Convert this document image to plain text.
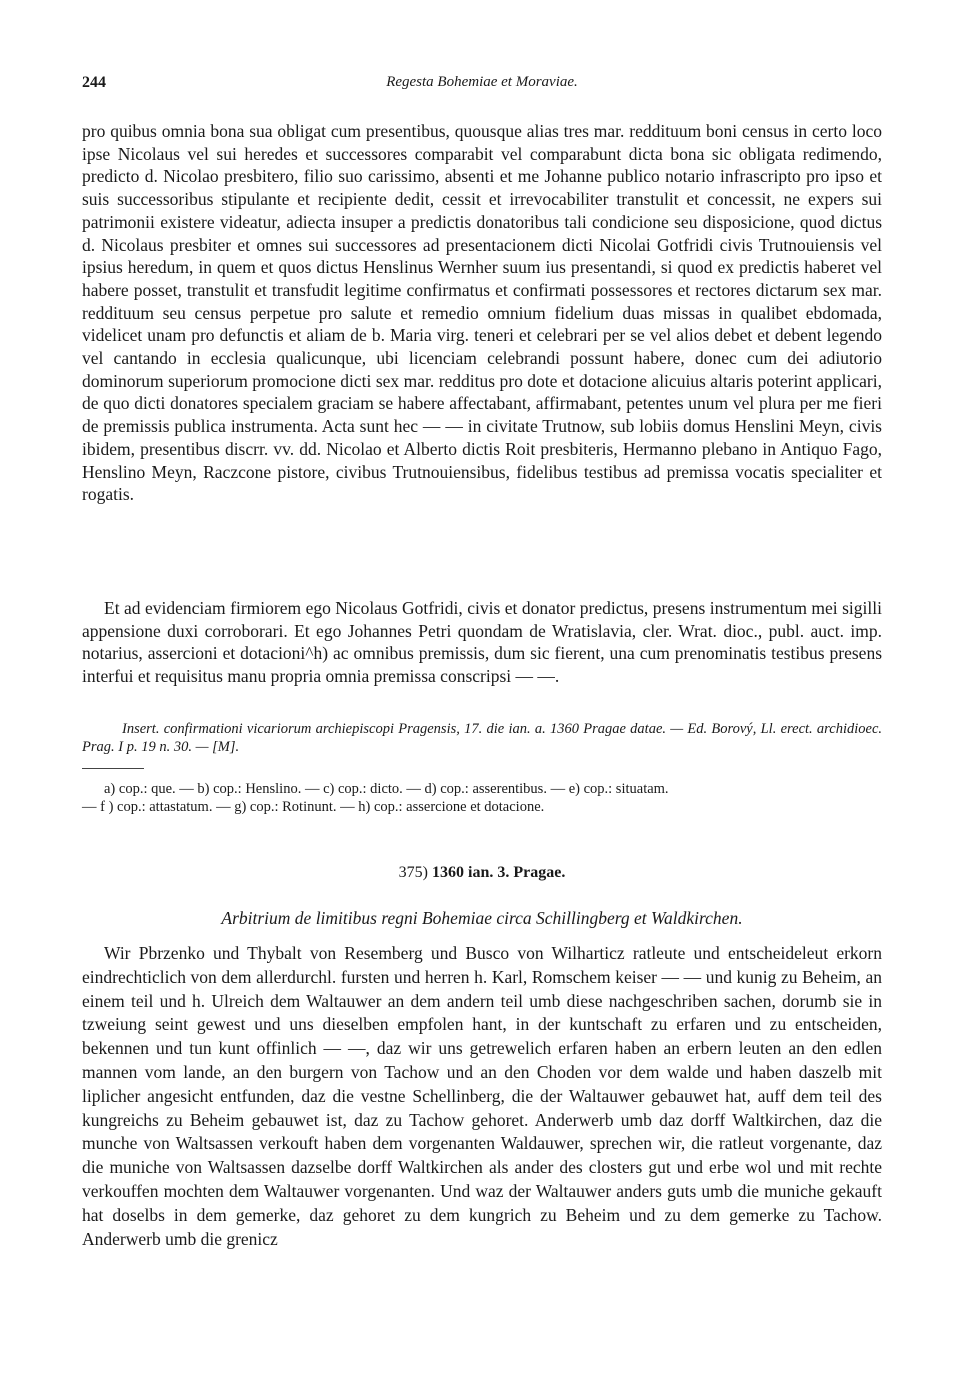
244	Regesta Bohemiae et Moraviae.

pro quibus omnia bona sua obligat cum presentibus, quousque alias tres mar. reddituum boni census in certo loco ipse Nicolaus vel sui heredes et successores comparabit vel comparabunt dicta bona sic obligata redimendo, predicto d. Nicolao presbitero, filio suo carissimo, absenti et me Johanne publico notario infrascripto pro ipso et suis successoribus stipulante et recipiente dedit, cessit et irrevocabiliter transtulit et concessit, ne expers sui patrimonii existere videatur, adiecta insuper a predictis donatoribus tali condicione seu disposicione, quod dictus d. Nicolaus presbiter et omnes sui successores ad presentacionem dicti Nicolai Gotfridi civis Trutnouiensis vel ipsius heredum, in quem et quos dictus Henslinus Wernher suum ius presentandi, si quod ex predictis haberet vel habere posset, transtulit et transfudit legitime confirmatus et confirmati possessores et rectores dictarum sex mar. reddituum seu census perpetue pro salute et remedio omnium fidelium duas missas in qualibet ebdomada, videlicet unam pro defunctis et aliam de b. Maria virg. teneri et celebrari per se vel alios debet et debent legendo vel cantando in ecclesia qualicunque, ubi licenciam celebrandi possunt habere, donec cum dei adiutorio dominorum superiorum promocione dicti sex mar. redditus pro dote et dotacione alicuius altaris poterint applicari, de quo dicti donatores specialem graciam se habere affectabant, affirmabant, petentes unum vel plura per me fieri de premissis publica instrumenta. Acta sunt hec — — in civitate Trutnow, sub lobiis domus Henslini Meyn, civis ibidem, presentibus discrr. vv. dd. Nicolao et Alberto dictis Roit presbiteris, Hermanno plebano in Antiquo Fago, Henslino Meyn, Raczcone pistore, civibus Trutnouiensibus, fidelibus testibus ad premissa vocatis specialiter et rogatis.

Et ad evidenciam firmiorem ego Nicolaus Gotfridi, civis et donator predictus, presens instrumentum mei sigilli appensione duxi corroborari. Et ego Johannes Petri quondam de Wratislavia, cler. Wrat. dioc., publ. auct. imp. notarius, assercioni et dotacioni^h) ac omnibus premissis, dum sic fierent, una cum prenominatis testibus presens interfui et requisitus manu propria omnia premissa conscripsi — —.

Insert. confirmationi vicariorum archiepiscopi Pragensis, 17. die ian. a. 1360 Pragae datae. — Ed. Borový, Ll. erect. archidioec. Prag. I p. 19 n. 30. — [M].

a) cop.: que. — b) cop.: Henslino. — c) cop.: dicto. — d) cop.: asserentibus. — e) cop.: situatam.

— f ) cop.: attastatum. — g) cop.: Rotinunt. — h) cop.: assercione et dotacione.

375) 1360 ian. 3. Pragae.
Arbitrium de limitibus regni Bohemiae circa Schillingberg et Waldkirchen.

Wir Pbrzenko und Thybalt von Resemberg und Busco von Wilharticz ratleute und entscheideleut erkorn eindrechticlich von dem allerdurchl. fursten und herren h. Karl, Romschem keiser — — und kunig zu Beheim, an einem teil und h. Ulreich dem Waltauwer an dem andern teil umb diese nachgeschriben sachen, dorumb sie in tzweiung seint gewest und uns dieselben empfolen hant, in der kuntschaft zu erfaren und zu entscheiden, bekennen und tun kunt offinlich — —, daz wir uns getrewelich erfaren haben an erbern leuten an den edlen mannen vom lande, an den burgern von Tachow und an den Choden vor dem walde und haben daszelb mit liplicher angesicht entfunden, daz die vestne Schellinberg, die der Waltauwer gebauwet hat, auff dem teil des kungreichs zu Beheim gebauwet ist, daz zu Tachow gehoret. Anderwerb umb daz dorff Waltkirchen, daz die munche von Waltsassen verkouft haben dem vorgenanten Waldauwer, sprechen wir, die ratleut vorgenante, daz die muniche von Waltsassen dazselbe dorff Waltkirchen als ander des closters gut und erbe wol und mit rechte verkouffen mochten dem Waltauwer vorgenanten. Und waz der Waltauwer anders guts umb die muniche gekauft hat doselbs in dem gemerke, daz gehoret zu dem kungrich zu Beheim und zu dem gemerke zu Tachow. Anderwerb umb die grenicz
